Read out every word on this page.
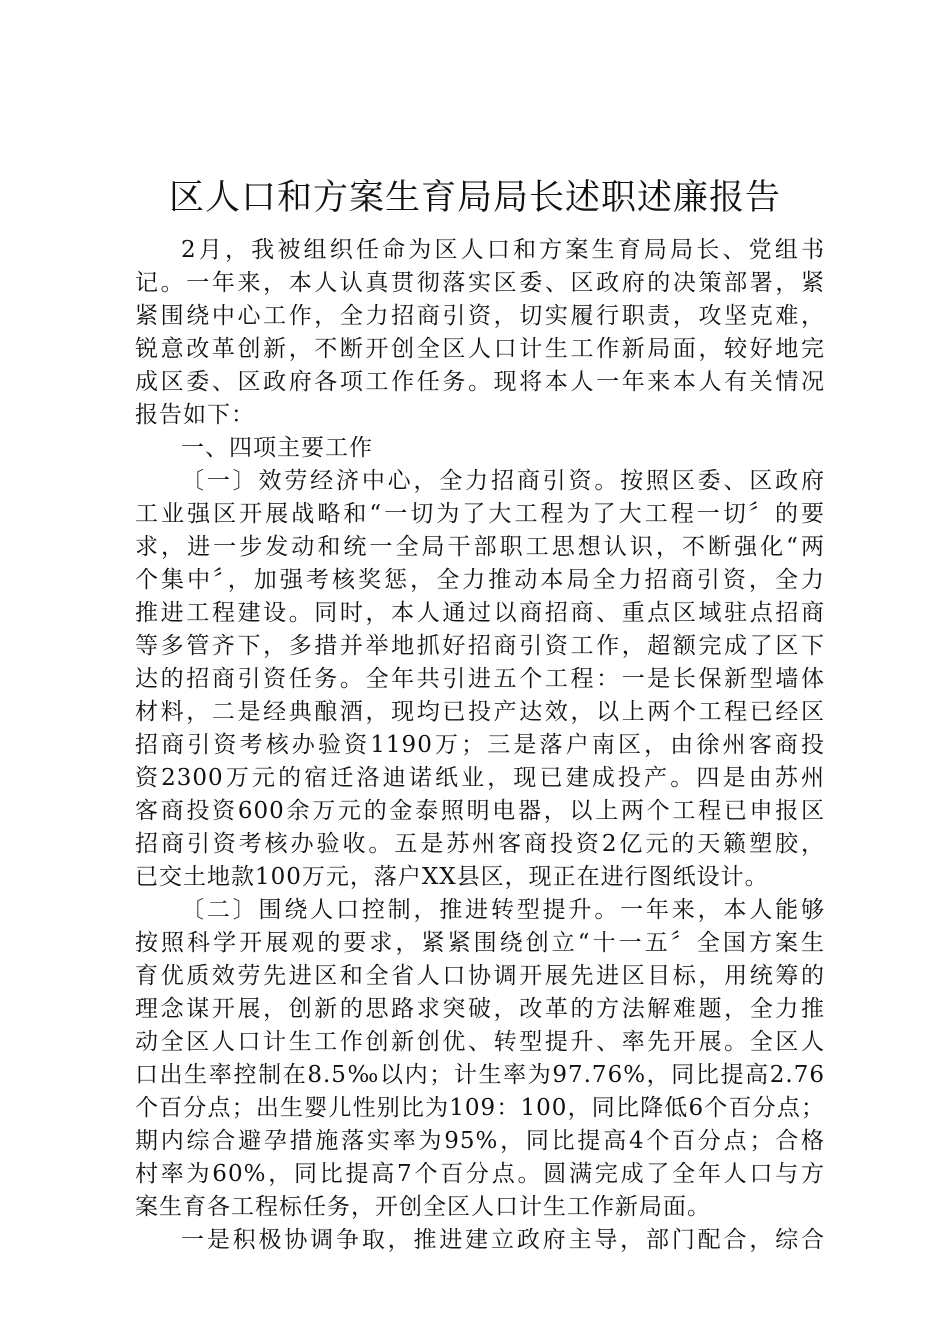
区人口和方案生育局局长述职述廉报告
2月，我被组织任命为区人口和方案生育局局长、党组书
记。一年来，本人认真贯彻落实区委、区政府的决策部署，紧
紧围绕中心工作，全力招商引资，切实履行职责，攻坚克难，
锐意改革创新，不断开创全区人口计生工作新局面，较好地完
成区委、区政府各项工作任务。现将本人一年来本人有关情况
报告如下：
一、四项主要工作
〔一〕效劳经济中心，全力招商引资。按照区委、区政府
工业强区开展战略和“一切为了大工程为了大工程一切〞的要
求，进一步发动和统一全局干部职工思想认识，不断强化“两
个集中〞，加强考核奖惩，全力推动本局全力招商引资，全力
推进工程建设。同时，本人通过以商招商、重点区域驻点招商
等多管齐下，多措并举地抓好招商引资工作，超额完成了区下
达的招商引资任务。全年共引进五个工程：一是长保新型墙体
材料，二是经典酿酒，现均已投产达效，以上两个工程已经区
招商引资考核办验资1190万；三是落户南区，由徐州客商投
资2300万元的宿迁洛迪诺纸业，现已建成投产。四是由苏州
客商投资600余万元的金泰照明电器，以上两个工程已申报区
招商引资考核办验收。五是苏州客商投资2亿元的天籁塑胶，
已交土地款100万元，落户XX县区，现正在进行图纸设计。
〔二〕围绕人口控制，推进转型提升。一年来，本人能够
按照科学开展观的要求，紧紧围绕创立“十一五〞全国方案生
育优质效劳先进区和全省人口协调开展先进区目标，用统筹的
理念谋开展，创新的思路求突破，改革的方法解难题，全力推
动全区人口计生工作创新创优、转型提升、率先开展。全区人
口出生率控制在8.5‰以内；计生率为97.76%，同比提高2.76
个百分点；出生婴儿性别比为109：100，同比降低6个百分点；
期内综合避孕措施落实率为95%，同比提高4个百分点；合格
村率为60%，同比提高7个百分点。圆满完成了全年人口与方
案生育各工程标任务，开创全区人口计生工作新局面。
一是积极协调争取，推进建立政府主导，部门配合，综合
